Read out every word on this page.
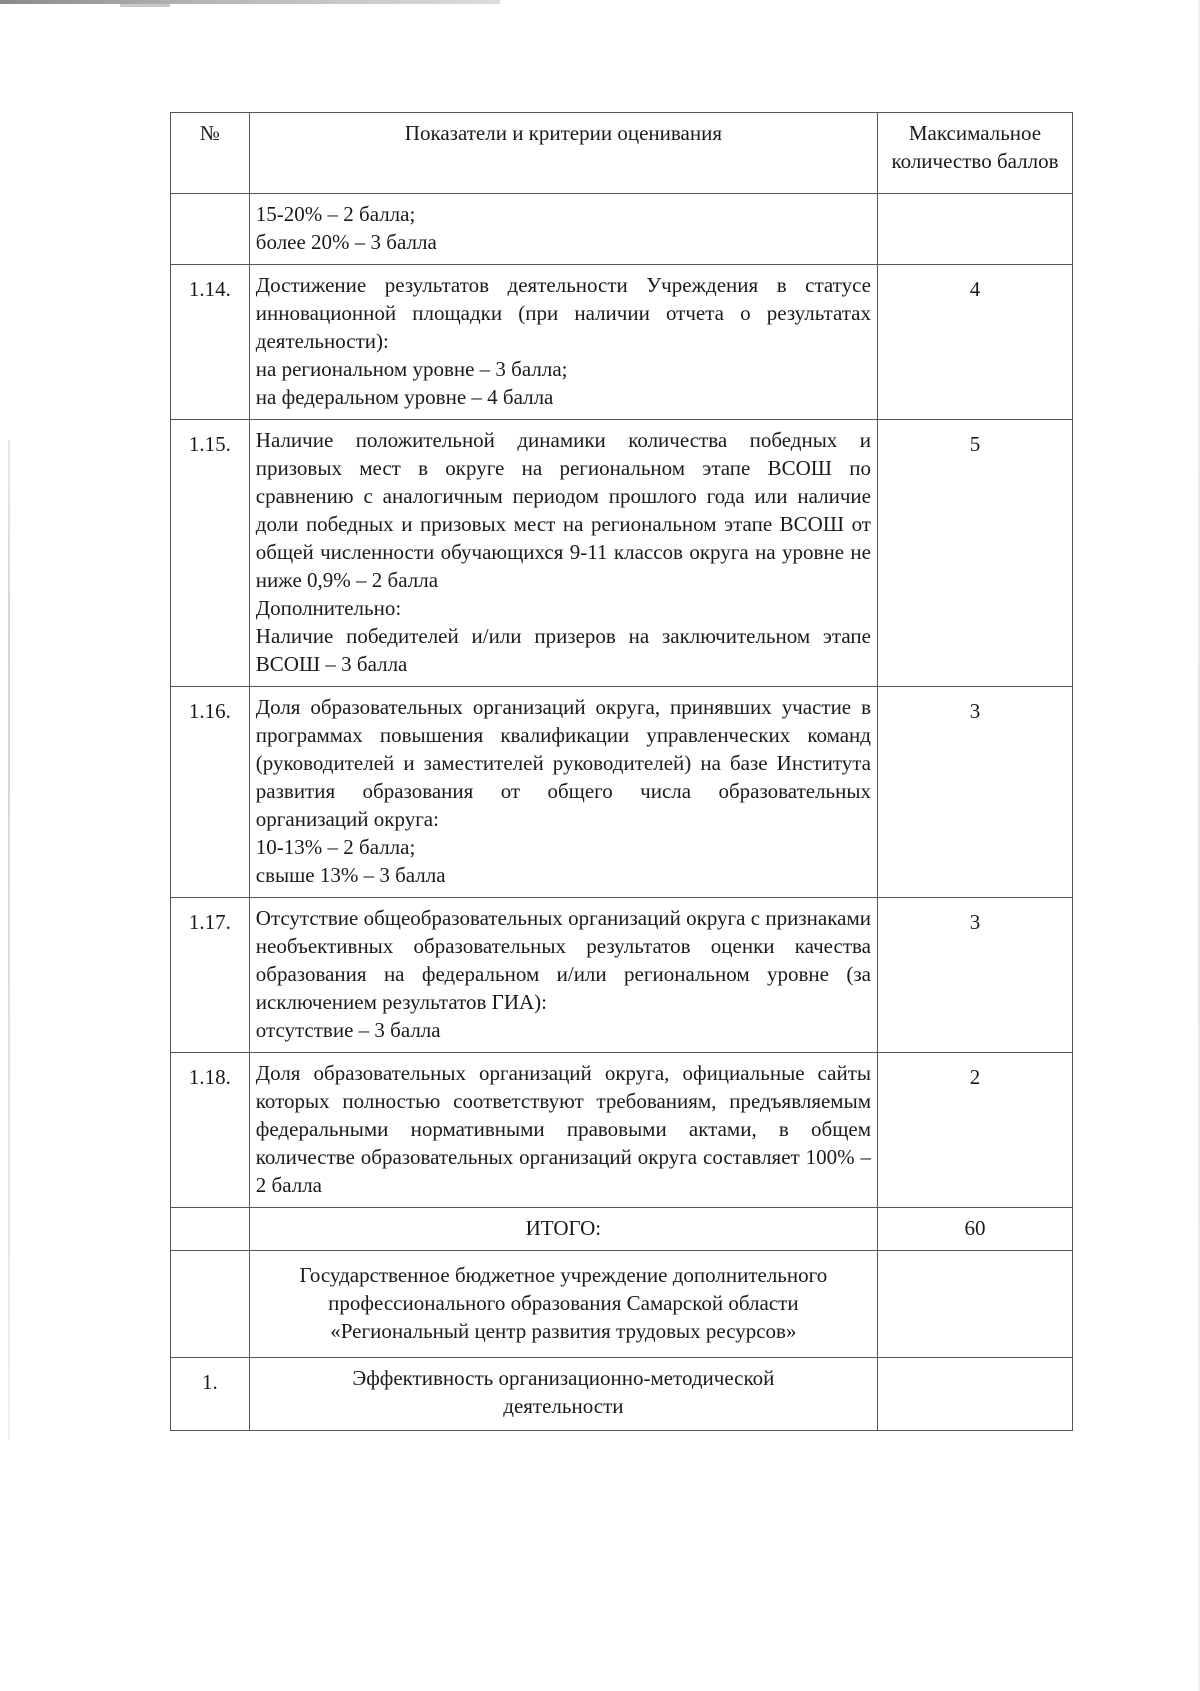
№	Показатели и критерии оценивания	Максимальное количество баллов

	15-20% – 2 балла;
более 20% – 3 балла	

1.14.	Достижение результатов деятельности Учреждения в статусе инновационной площадки (при наличии отчета о результатах деятельности):
на региональном уровне – 3 балла;
на федеральном уровне – 4 балла	4
1.15.	Наличие положительной динамики количества победных и призовых мест в округе на региональном этапе ВСОШ по сравнению с аналогичным периодом прошлого года или наличие доли победных и призовых мест на региональном этапе ВСОШ от общей численности обучающихся 9-11 классов округа на уровне не ниже 0,9% – 2 балла
Дополнительно:
Наличие победителей и/или призеров на заключительном этапе ВСОШ – 3 балла	5
1.16.	Доля образовательных организаций округа, принявших участие в программах повышения квалификации управленческих команд (руководителей и заместителей руководителей) на базе Института развития образования от общего числа образовательных организаций округа:
10-13% – 2 балла;
свыше 13% – 3 балла	3
1.17.	Отсутствие общеобразовательных организаций округа с признаками необъективных образовательных результатов оценки качества образования на федеральном и/или региональном уровне (за исключением результатов ГИА):
отсутствие – 3 балла	3
1.18.	Доля образовательных организаций округа, официальные сайты которых полностью соответствуют требованиям, предъявляемым федеральными нормативными правовыми актами, в общем количестве образовательных организаций округа составляет 100% – 2 балла	2
	ИТОГО:	60
	Государственное бюджетное учреждение дополнительного профессионального образования Самарской области «Региональный центр развития трудовых ресурсов»	
1.	Эффективность организационно-методической деятельности	
